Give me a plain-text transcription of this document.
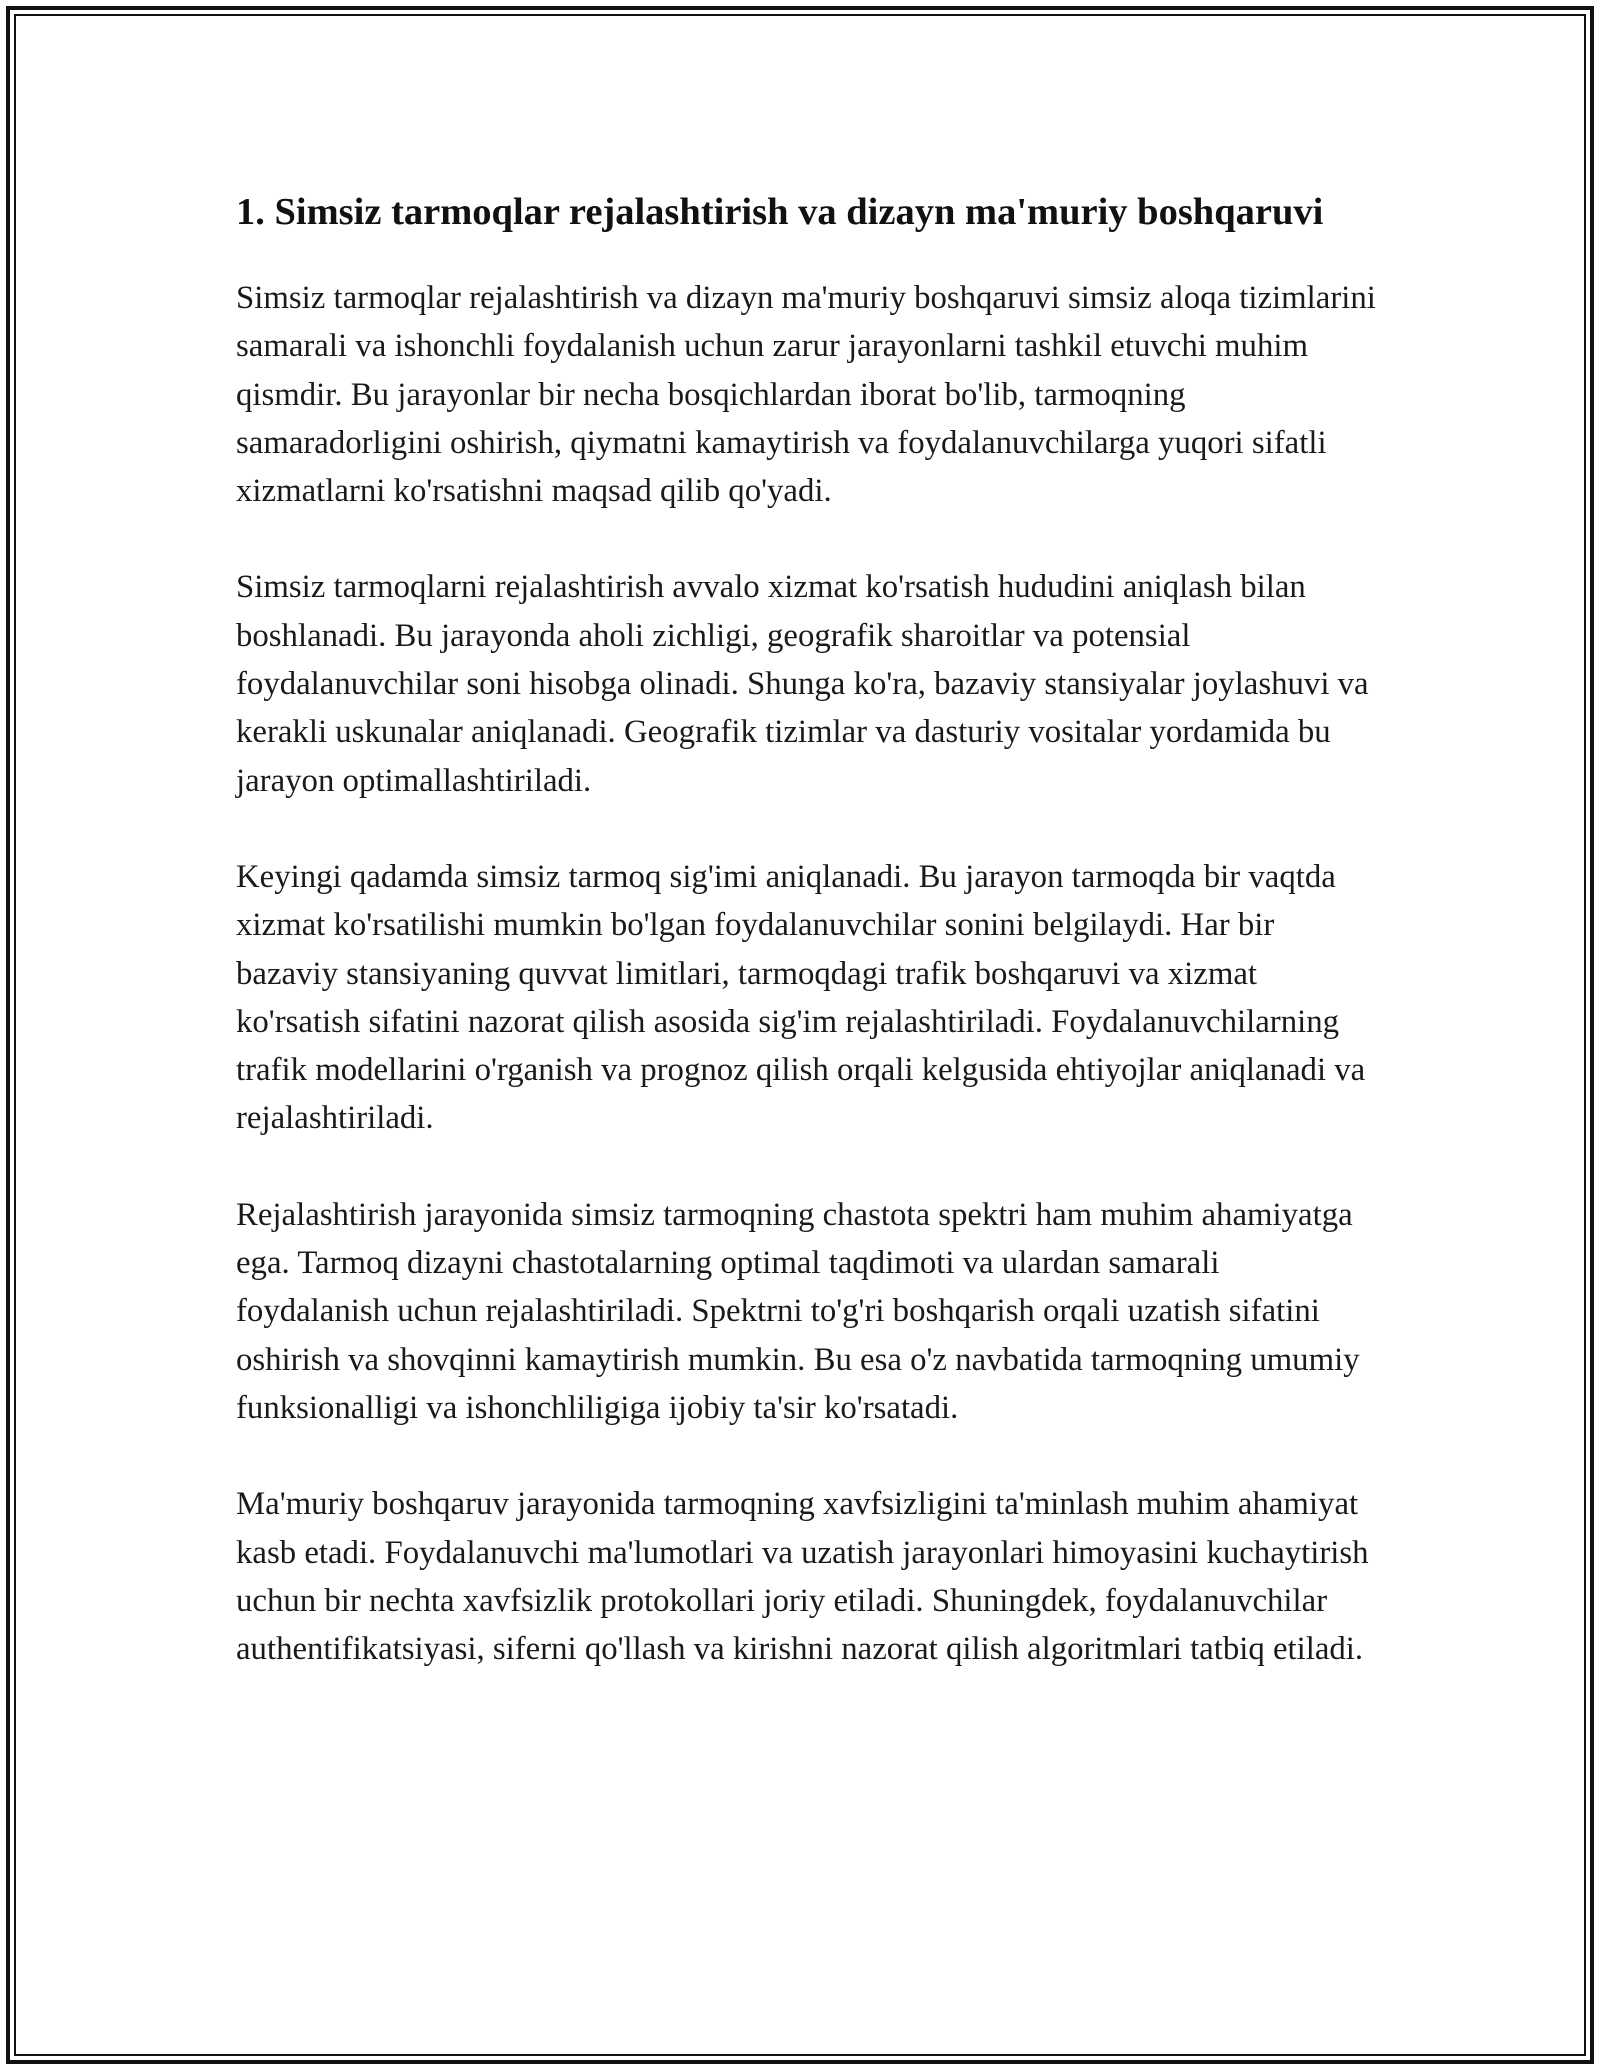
1. Simsiz tarmoqlar rejalashtirish va dizayn ma'muriy boshqaruvi

Simsiz tarmoqlar rejalashtirish va dizayn ma'muriy boshqaruvi simsiz aloqa tizimlarini samarali va ishonchli foydalanish uchun zarur jarayonlarni tashkil etuvchi muhim qismdir. Bu jarayonlar bir necha bosqichlardan iborat bo'lib, tarmoqning samaradorligini oshirish, qiymatni kamaytirish va foydalanuvchilarga yuqori sifatli xizmatlarni ko'rsatishni maqsad qilib qo'yadi.

Simsiz tarmoqlarni rejalashtirish avvalo xizmat ko'rsatish hududini aniqlash bilan boshlanadi. Bu jarayonda aholi zichligi, geografik sharoitlar va potensial foydalanuvchilar soni hisobga olinadi. Shunga ko'ra, bazaviy stansiyalar joylashuvi va kerakli uskunalar aniqlanadi. Geografik tizimlar va dasturiy vositalar yordamida bu jarayon optimallashtiriladi.

Keyingi qadamda simsiz tarmoq sig'imi aniqlanadi. Bu jarayon tarmoqda bir vaqtda xizmat ko'rsatilishi mumkin bo'lgan foydalanuvchilar sonini belgilaydi. Har bir bazaviy stansiyaning quvvat limitlari, tarmoqdagi trafik boshqaruvi va xizmat ko'rsatish sifatini nazorat qilish asosida sig'im rejalashtiriladi. Foydalanuvchilarning trafik modellarini o'rganish va prognoz qilish orqali kelgusida ehtiyojlar aniqlanadi va rejalashtiriladi.

Rejalashtirish jarayonida simsiz tarmoqning chastota spektri ham muhim ahamiyatga ega. Tarmoq dizayni chastotalarning optimal taqdimoti va ulardan samarali foydalanish uchun rejalashtiriladi. Spektrni to'g'ri boshqarish orqali uzatish sifatini oshirish va shovqinni kamaytirish mumkin. Bu esa o'z navbatida tarmoqning umumiy funksionalligi va ishonchliligiga ijobiy ta'sir ko'rsatadi.

Ma'muriy boshqaruv jarayonida tarmoqning xavfsizligini ta'minlash muhim ahamiyat kasb etadi. Foydalanuvchi ma'lumotlari va uzatish jarayonlari himoyasini kuchaytirish uchun bir nechta xavfsizlik protokollari joriy etiladi. Shuningdek, foydalanuvchilar authentifikatsiyasi, siferni qo'llash va kirishni nazorat qilish algoritmlari tatbiq etiladi.
